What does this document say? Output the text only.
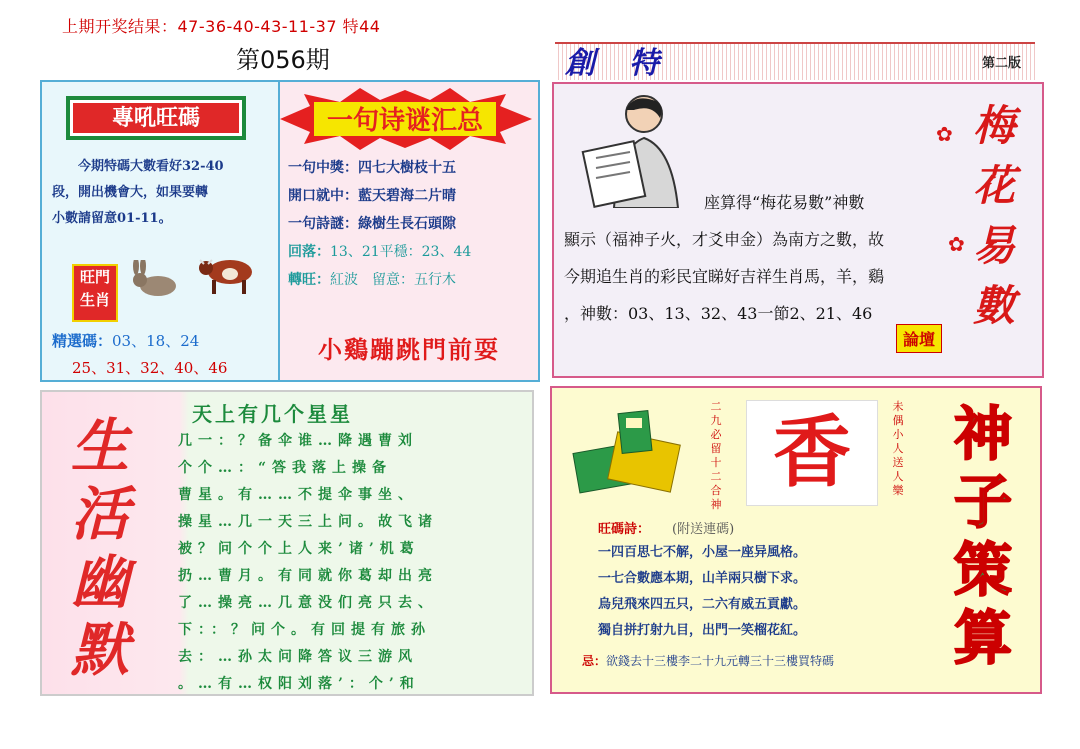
上期开奖结果：47-36-40-43-11-37 特44
第056期	創特	第二版
專吼旺碼
今期特碼大數看好32-40
段，開出機會大，如果要轉
小數請留意01-11。
旺門
生肖
精選碼：03、18、24
25、31、32、40、46
一句诗谜汇总
一句中獎：四七大樹枝十五
開口就中：藍天碧海二片晴
一句詩謎：綠樹生長石頭隙
回落：13、21平穩：23、44
轉旺：紅波　留意：五行木
小鷄蹦跳門前耍
座算得“梅花易數”神數
顯示（福神子火，才爻申金）為南方之數，故
今期追生肖的彩民宜睇好吉祥生肖馬，羊，鷄
，神數：03、13、32、43一節2、21、46
論壇
✿
✿
梅花易數
生活幽默
天上有几个星星
几一：？备伞谁…降遇曹刘
个个…：“答我落上操备
曹星。有……不提伞事坐、
操星…几一天三上问。故飞诸
被？问个个上人来’诸’机葛
扔…曹月。有同就你葛却出亮
了…操亮…几意没们亮只去、
下：：？问个。有回提有旅孙
去：…孙太问降答议三游风
。…有…权阳刘落’：个’和
二九必留十二合神
香
未偶小人送人樂
神子策算
旺碼詩： (附送連碼)
一四百思七不解，小屋一座异風格。
一七合數應本期，山羊兩只樹下求。
烏兒飛來四五只，二六有威五貢獻。
獨自拼打射九目，出門一笑榴花紅。
忌：欲錢去十三樓李二十九元轉三十三樓買特碼
